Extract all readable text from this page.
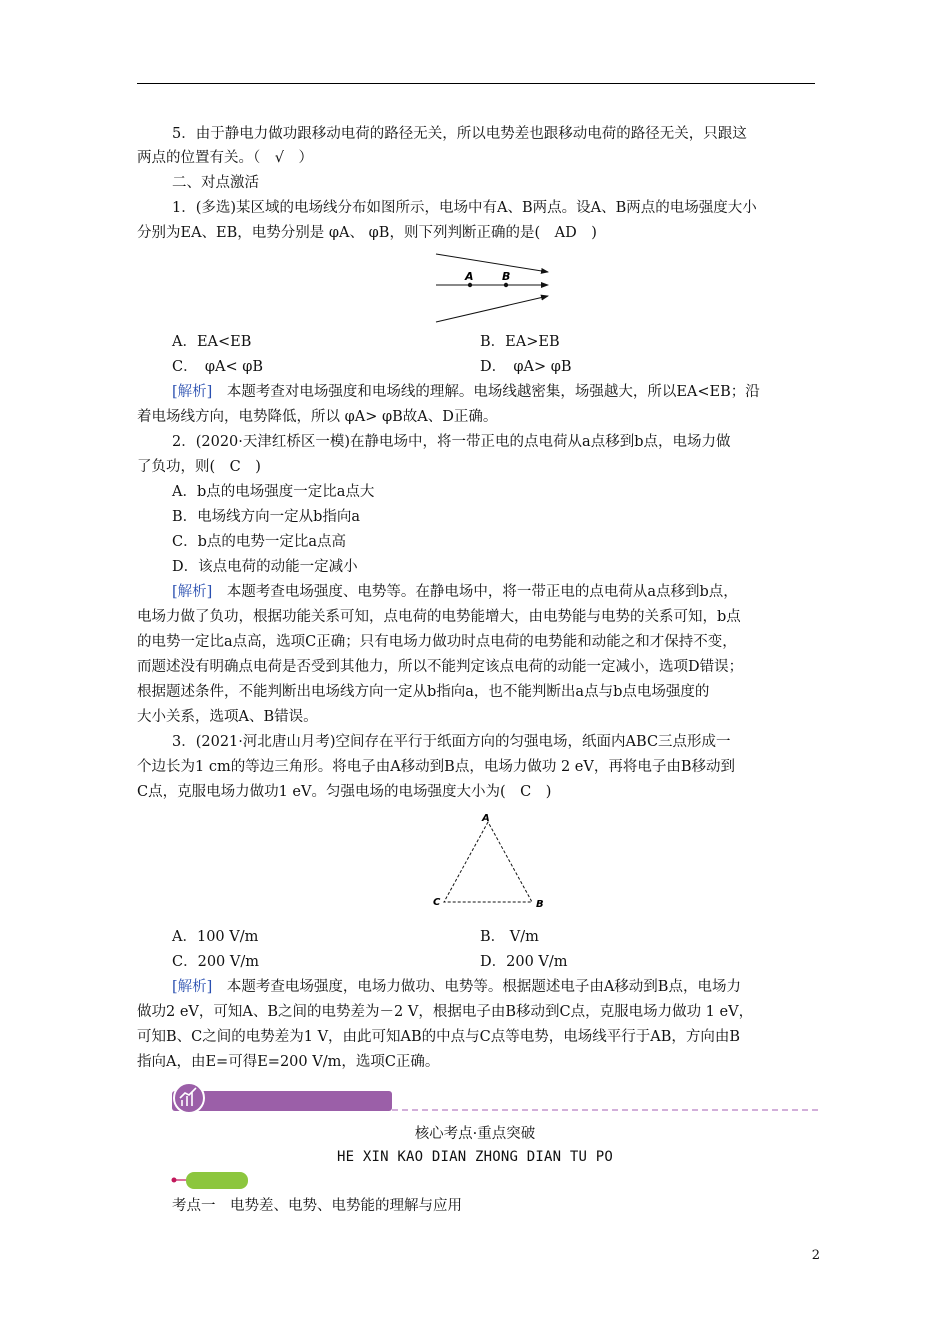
5．由于静电力做功跟移动电荷的路径无关，所以电势差也跟移动电荷的路径无关，只跟这
两点的位置有关。（　√　）
二、对点激活
1．(多选)某区域的电场线分布如图所示，电场中有A、B两点。设A、B两点的电场强度大小
分别为EA、EB，电势分别是 φA、 φB，则下列判断正确的是(　AD　)
A	B
A．EA<EB	B．EA>EB
C．　φA< φB	D．　φA> φB
[解析]　本题考查对电场强度和电场线的理解。电场线越密集，场强越大，所以EA<EB；沿
着电场线方向，电势降低，所以 φA> φB故A、D正确。
2．(2020·天津红桥区一模)在静电场中，将一带正电的点电荷从a点移到b点，电场力做
了负功，则(　C　)
A．b点的电场强度一定比a点大
B．电场线方向一定从b指向a
C．b点的电势一定比a点高
D．该点电荷的动能一定减小
[解析]　本题考查电场强度、电势等。在静电场中，将一带正电的点电荷从a点移到b点，
电场力做了负功，根据功能关系可知，点电荷的电势能增大，由电势能与电势的关系可知，b点
的电势一定比a点高，选项C正确；只有电场力做功时点电荷的电势能和动能之和才保持不变，
而题述没有明确点电荷是否受到其他力，所以不能判定该点电荷的动能一定减小，选项D错误；
根据题述条件，不能判断出电场线方向一定从b指向a，也不能判断出a点与b点电场强度的
大小关系，选项A、B错误。
3．(2021·河北唐山月考)空间存在平行于纸面方向的匀强电场，纸面内ABC三点形成一
个边长为1 cm的等边三角形。将电子由A移动到B点，电场力做功 2 eV，再将电子由B移动到
C点，克服电场力做功1 eV。匀强电场的电场强度大小为(　C　)
A
B
C
A．100 V/m	B． V/m
C．200 V/m	D．200 V/m
[解析]　本题考查电场强度，电场力做功、电势等。根据题述电子由A移动到B点，电场力
做功2 eV，可知A、B之间的电势差为－2 V，根据电子由B移动到C点，克服电场力做功 1 eV，
可知B、C之间的电势差为1 V，由此可知AB的中点与C点等电势，电场线平行于AB，方向由B
指向A，由E=可得E=200 V/m，选项C正确。
核心考点·重点突破
HE XIN KAO DIAN ZHONG DIAN TU PO
考点一　电势差、电势、电势能的理解与应用
2
